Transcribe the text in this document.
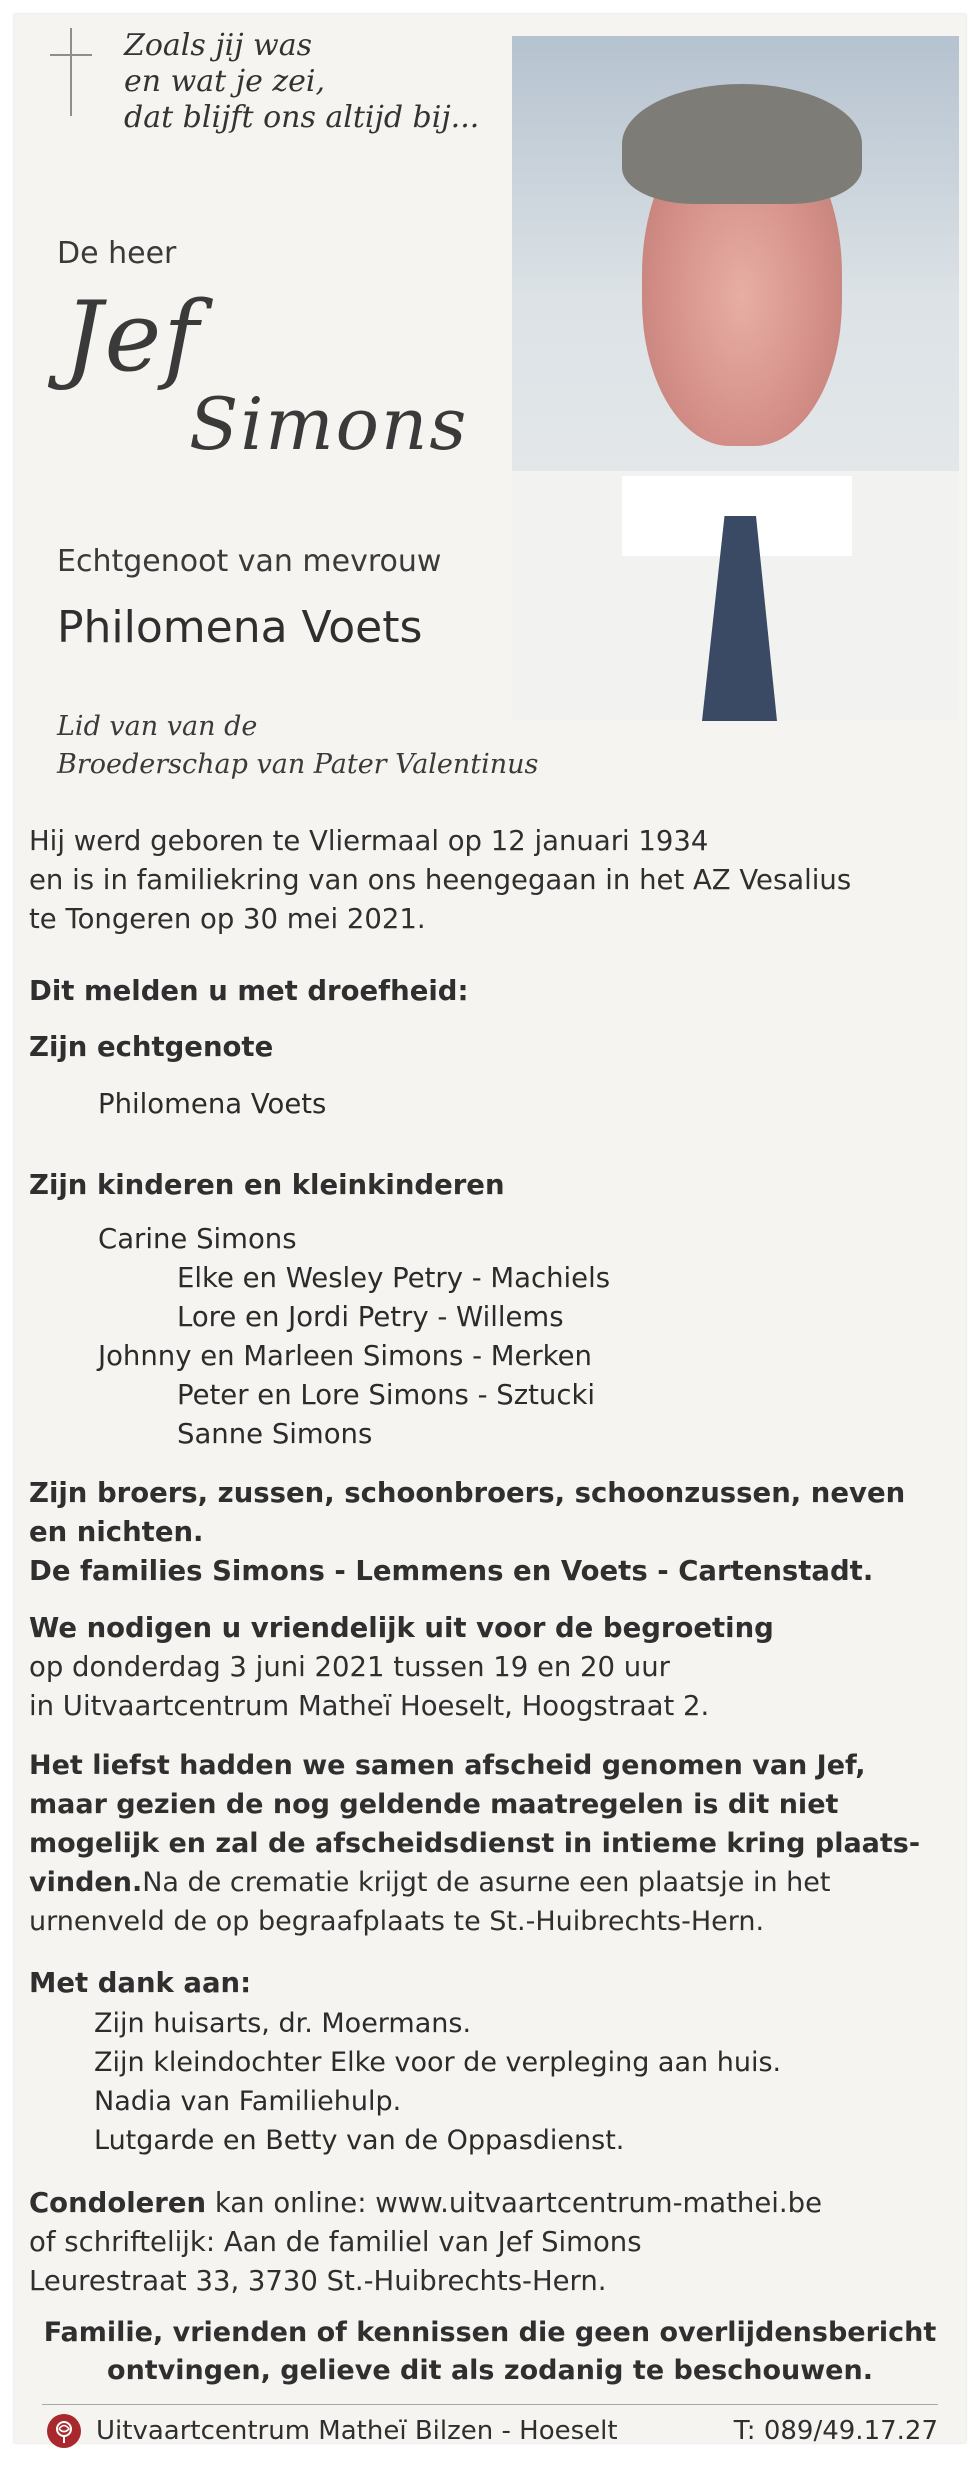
Zoals jij was
en wat je zei,
dat blijft ons altijd bij...
De heer
Jef
Simons
Echtgenoot van mevrouw
Philomena Voets
Lid van van de
Broederschap van Pater Valentinus
Hij werd geboren te Vliermaal op 12 januari 1934
en is in familiekring van ons heengegaan in het AZ Vesalius
te Tongeren op 30 mei 2021.
Dit melden u met droefheid:
Zijn echtgenote
Philomena Voets
Zijn kinderen en kleinkinderen
Carine Simons
Elke en Wesley Petry - Machiels
Lore en Jordi Petry - Willems
Johnny en Marleen Simons - Merken
Peter en Lore Simons - Sztucki
Sanne Simons
Zijn broers, zussen, schoonbroers, schoonzussen, neven
en nichten.
De families Simons - Lemmens en Voets - Cartenstadt.
We nodigen u vriendelijk uit voor de begroeting
op donderdag 3 juni 2021 tussen 19 en 20 uur
in Uitvaartcentrum Matheï Hoeselt, Hoogstraat 2.
Het liefst hadden we samen afscheid genomen van Jef,
maar gezien de nog geldende maatregelen is dit niet
mogelijk en zal de afscheidsdienst in intieme kring plaats-
vinden.Na de crematie krijgt de asurne een plaatsje in het
urnenveld de op begraafplaats te St.-Huibrechts-Hern.
Met dank aan:
Zijn huisarts, dr. Moermans.
Zijn kleindochter Elke voor de verpleging aan huis.
Nadia van Familiehulp.
Lutgarde en Betty van de Oppasdienst.
Condoleren kan online: www.uitvaartcentrum-mathei.be
of schriftelijk: Aan de familiel van Jef Simons
Leurestraat 33, 3730 St.-Huibrechts-Hern.
Familie, vrienden of kennissen die geen overlijdensbericht
ontvingen, gelieve dit als zodanig te beschouwen.
Uitvaartcentrum Matheï Bilzen - Hoeselt	T: 089/49.17.27
